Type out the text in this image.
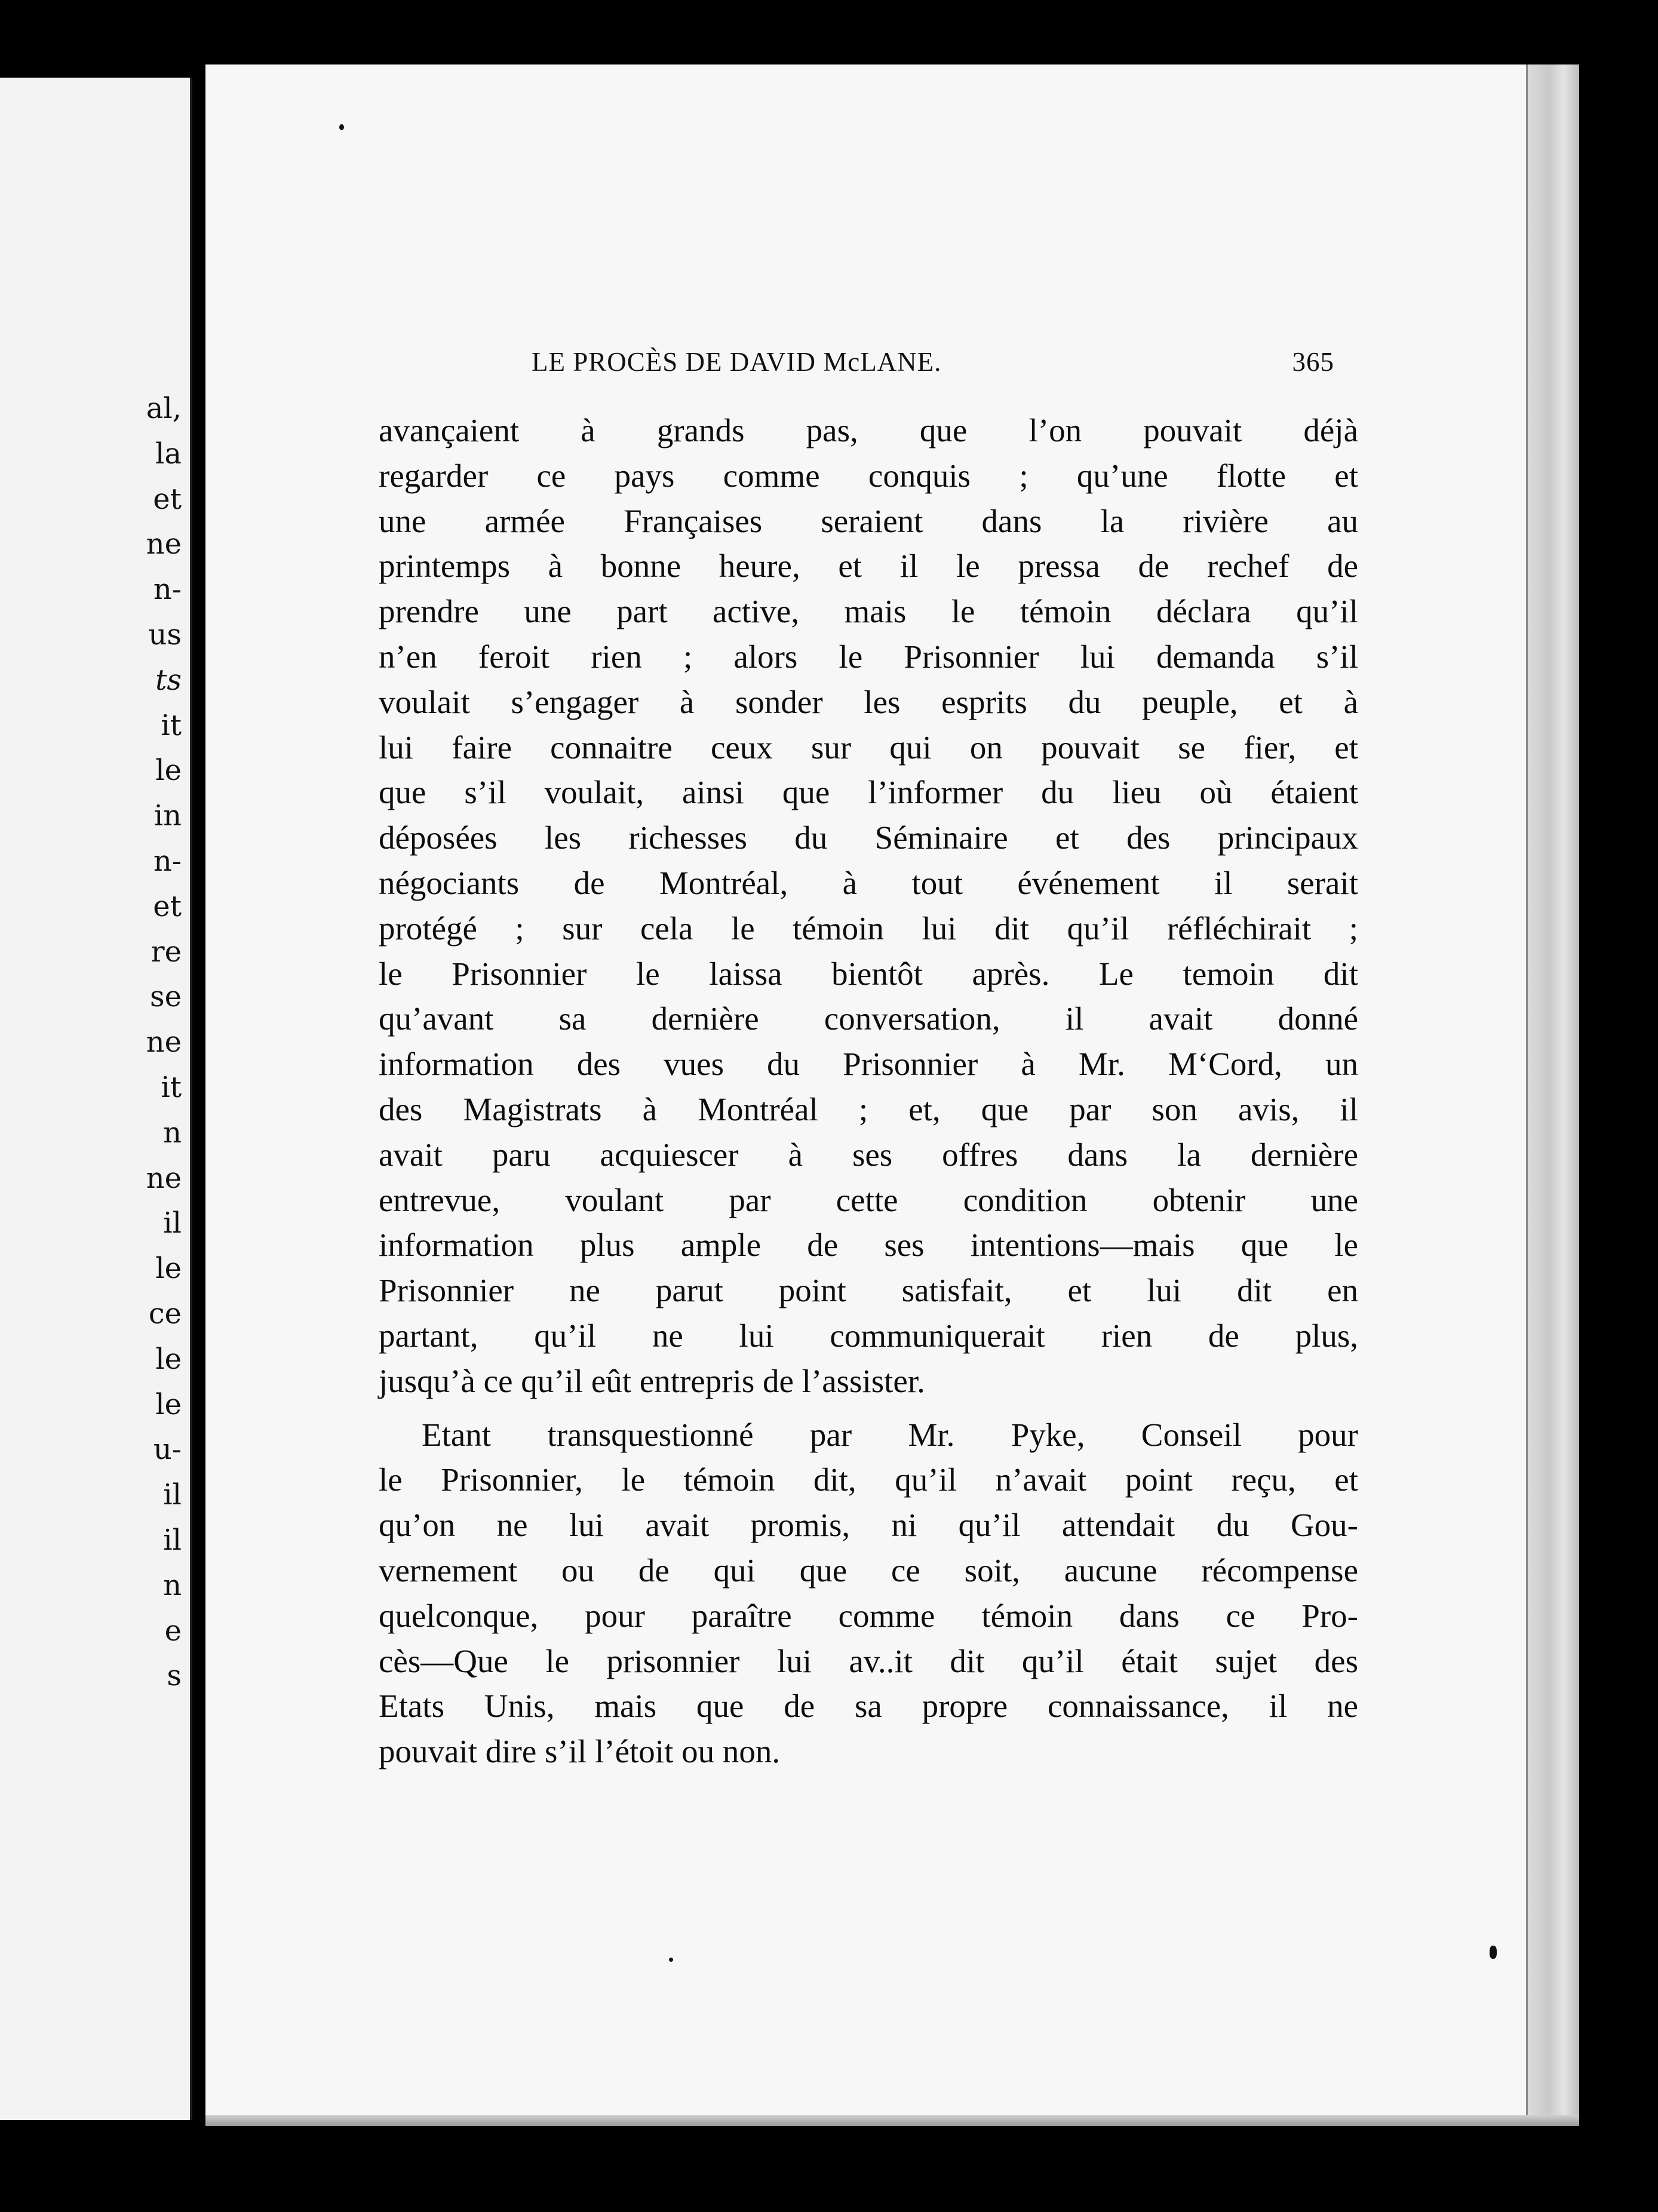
al,
la
et
ne
n-
us
ts
it
le
in
n-
et
re
se
ne
it
n
ne
il
le
ce
le
le
u-
il
il
n
e
s
LE PROCÈS DE DAVID McLANE.	365
avançaient à grands pas, que l’on pouvait déjà
regarder ce pays comme conquis ; qu’une flotte et
une armée Françaises seraient dans la rivière au
printemps à bonne heure, et il le pressa de rechef de
prendre une part active, mais le témoin déclara qu’il
n’en feroit rien ; alors le Prisonnier lui demanda s’il
voulait s’engager à sonder les esprits du peuple, et à
lui faire connaitre ceux sur qui on pouvait se fier, et
que s’il voulait, ainsi que l’informer du lieu où étaient
déposées les richesses du Séminaire et des principaux
négociants de Montréal, à tout événement il serait
protégé ; sur cela le témoin lui dit qu’il réfléchirait ;
le Prisonnier le laissa bientôt après. Le temoin dit
qu’avant sa dernière conversation, il avait donné
information des vues du Prisonnier à Mr. M‘Cord, un
des Magistrats à Montréal ; et, que par son avis, il
avait paru acquiescer à ses offres dans la dernière
entrevue, voulant par cette condition obtenir une
information plus ample de ses intentions—mais que le
Prisonnier ne parut point satisfait, et lui dit en
partant, qu’il ne lui communiquerait rien de plus,
jusqu’à ce qu’il eût entrepris de l’assister.
Etant transquestionné par Mr. Pyke, Conseil pour
le Prisonnier, le témoin dit, qu’il n’avait point reçu, et
qu’on ne lui avait promis, ni qu’il attendait du Gou-
vernement ou de qui que ce soit, aucune récompense
quelconque, pour paraître comme témoin dans ce Pro-
cès—Que le prisonnier lui av..it dit qu’il était sujet des
Etats Unis, mais que de sa propre connaissance, il ne
pouvait dire s’il l’étoit ou non.
